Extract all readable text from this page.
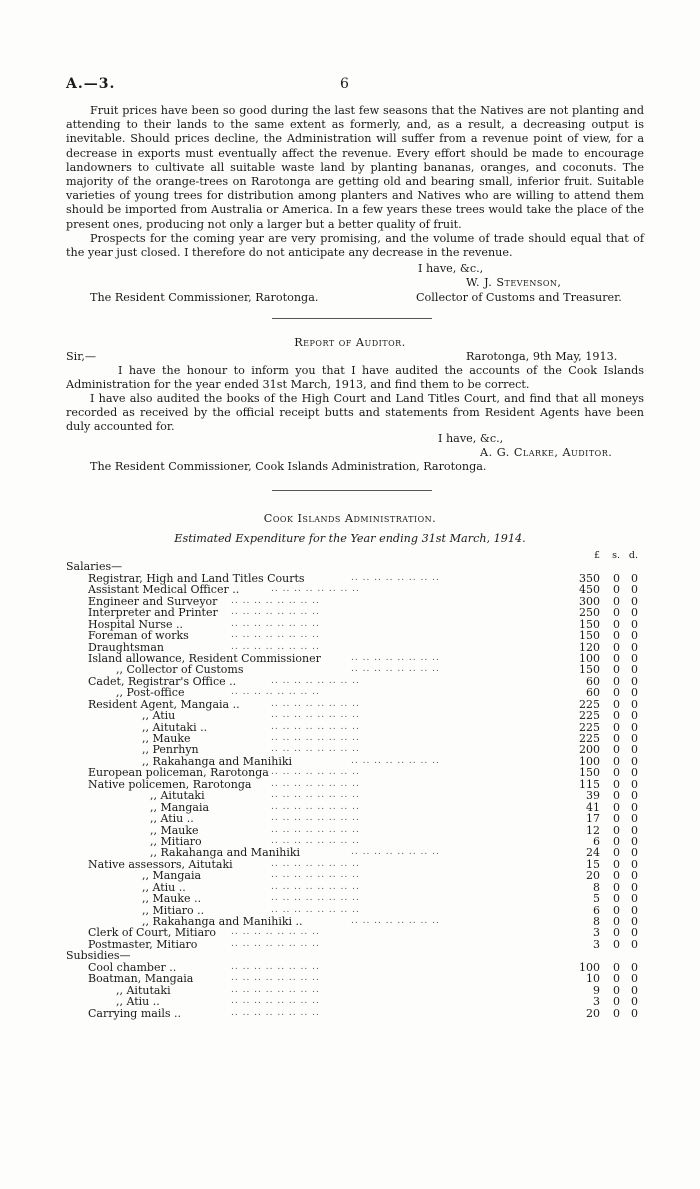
A.—3.	6
Fruit prices have been so good during the last few seasons that the Natives are not planting and attending to their lands to the same extent as formerly, and, as a result, a decreasing output is inevitable. Should prices decline, the Administration will suffer from a revenue point of view, for a decrease in exports must eventually affect the revenue. Every effort should be made to encourage landowners to cultivate all suitable waste land by planting bananas, oranges, and coconuts. The majority of the orange-trees on Rarotonga are getting old and bearing small, inferior fruit. Suitable varieties of young trees for distribution among planters and Natives who are willing to attend them should be imported from Australia or America. In a few years these trees would take the place of the present ones, producing not only a larger but a better quality of fruit.
Prospects for the coming year are very promising, and the volume of trade should equal that of the year just closed. I therefore do not anticipate any decrease in the revenue.
I have, &c.,
W. J. Stevenson,
The Resident Commissioner, Rarotonga.	Collector of Customs and Treasurer.
Report of Auditor.
Sir,—	Rarotonga, 9th May, 1913.
I have the honour to inform you that I have audited the accounts of the Cook Islands Administration for the year ended 31st March, 1913, and find them to be correct.
I have also audited the books of the High Court and Land Titles Court, and find that all moneys recorded as received by the official receipt butts and statements from Resident Agents have been duly accounted for.
I have, &c.,
A. G. Clarke, Auditor.
The Resident Commissioner, Cook Islands Administration, Rarotonga.
Cook Islands Administration.
Estimated Expenditure for the Year ending 31st March, 1914.
£	s. d.
Salaries—
Registrar, High and Land Titles Courts	.. .. .. .. .. .. .. ..	350	0	0
Assistant Medical Officer ..	.. .. .. .. .. .. .. ..	450	0	0
Engineer and Surveyor .. .. .. .. .. .. .. ..	300	0	0
Interpreter and Printer .. .. .. .. .. .. .. ..	250	0	0
Hospital Nurse ..	.. .. .. .. .. .. .. ..	150	0	0
Foreman of works	.. .. .. .. .. .. .. ..	150	0	0
Draughtsman	.. .. .. .. .. .. .. ..	120	0	0
Island allowance, Resident Commissioner	.. .. .. .. .. .. .. ..	100	0	0
,, Collector of Customs	.. .. .. .. .. .. .. ..	150	0	0
Cadet, Registrar's Office ..	.. .. .. .. .. .. .. ..	60	0	0
,, Post-office	.. .. .. .. .. .. .. ..	60	0	0
Resident Agent, Mangaia ..	.. .. .. .. .. .. .. ..	225	0	0
,, Atiu	.. .. .. .. .. .. .. ..	225	0	0
,, Aitutaki ..	.. .. .. .. .. .. .. ..	225	0	0
,, Mauke	.. .. .. .. .. .. .. ..	225	0	0
,, Penrhyn	.. .. .. .. .. .. .. ..	200	0	0
,, Rakahanga and Manihiki	.. .. .. .. .. .. .. ..	100	0	0
European policeman, Rarotonga .. .. .. .. .. .. .. ..	150	0	0
Native policemen, Rarotonga .. .. .. .. .. .. .. ..	115	0	0
,, Aitutaki	.. .. .. .. .. .. .. ..	39	0	0
,, Mangaia	.. .. .. .. .. .. .. ..	41	0	0
,, Atiu ..	.. .. .. .. .. .. .. ..	17	0	0
,, Mauke	.. .. .. .. .. .. .. ..	12	0	0
,, Mitiaro	.. .. .. .. .. .. .. ..	6	0	0
,, Rakahanga and Manihiki	.. .. .. .. .. .. .. ..	24	0	0
Native assessors, Aitutaki	.. .. .. .. .. .. .. ..	15	0	0
,, Mangaia	.. .. .. .. .. .. .. ..	20	0	0
,, Atiu ..	.. .. .. .. .. .. .. ..	8	0	0
,, Mauke ..	.. .. .. .. .. .. .. ..	5	0	0
,, Mitiaro ..	.. .. .. .. .. .. .. ..	6	0	0
,, Rakahanga and Manihiki ..	.. .. .. .. .. .. .. ..	8	0	0
Clerk of Court, Mitiaro .. .. .. .. .. .. .. ..	3	0	0
Postmaster, Mitiaro	.. .. .. .. .. .. .. ..	3	0	0
Subsidies—
Cool chamber ..	.. .. .. .. .. .. .. ..	100	0	0
Boatman, Mangaia	.. .. .. .. .. .. .. ..	10	0	0
,, Aitutaki	.. .. .. .. .. .. .. ..	9	0	0
,, Atiu ..	.. .. .. .. .. .. .. ..	3	0	0
Carrying mails ..	.. .. .. .. .. .. .. ..	20	0	0
